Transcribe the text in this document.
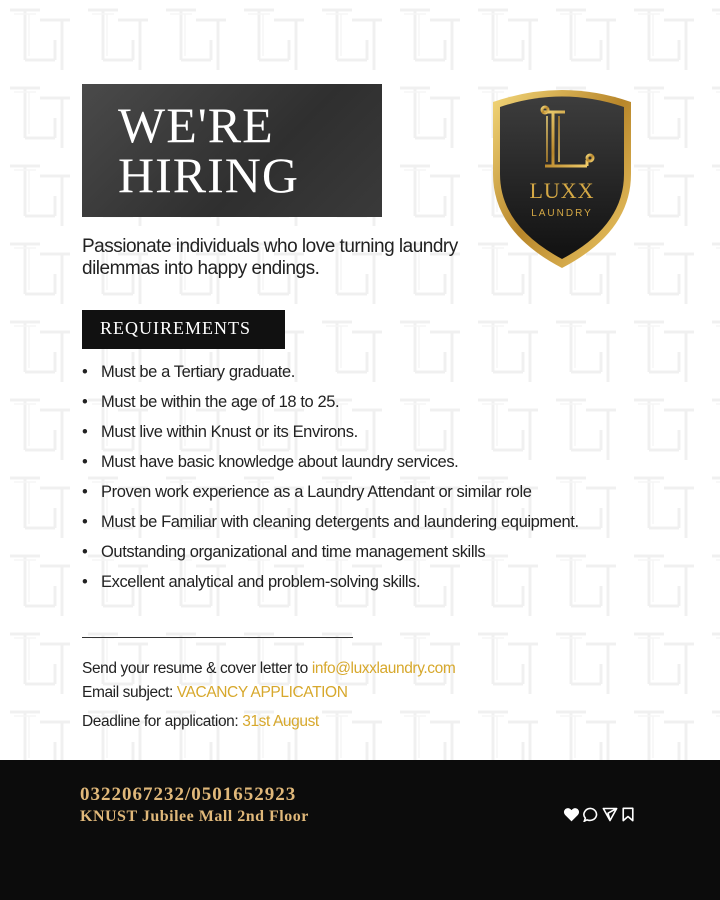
WE'RE
HIRING	LUXX
LAUNDRY
Passionate individuals who love turning laundry dilemmas into happy endings.
REQUIREMENTS
• Must be a Tertiary graduate.
• Must be within the age of 18 to 25.
• Must live within Knust or its Environs.
• Must have basic knowledge about laundry services.
• Proven work experience as a Laundry Attendant or similar role
• Must be Familiar with cleaning detergents and laundering equipment.
• Outstanding organizational and time management skills
• Excellent analytical and problem-solving skills.
Send your resume & cover letter to info@luxxlaundry.com
Email subject: VACANCY APPLICATION
Deadline for application: 31st August
0322067232/0501652923
KNUST Jubilee Mall 2nd Floor
